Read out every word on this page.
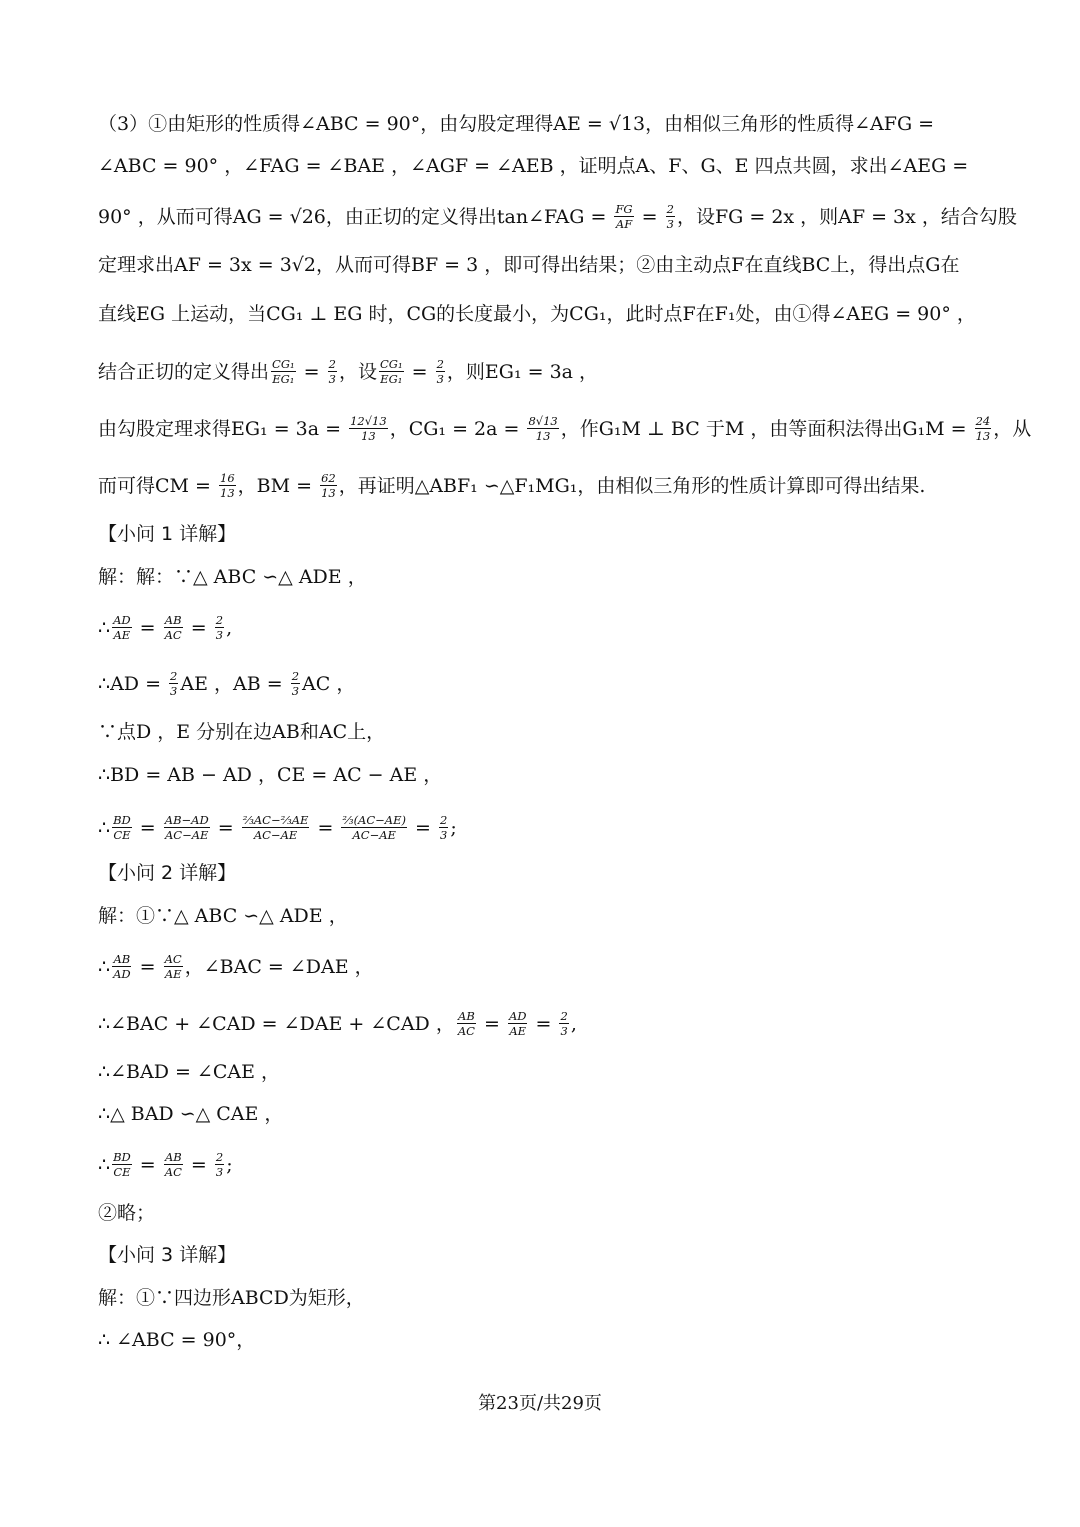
（3）①由矩形的性质得∠ABC = 90°，由勾股定理得AE = √13，由相似三角形的性质得∠AFG =
∠ABC = 90° ，∠FAG = ∠BAE ，∠AGF = ∠AEB ，证明点A、F、G、E 四点共圆，求出∠AEG =
90° ，从而可得AG = √26，由正切的定义得出tan∠FAG = $\frac{FG}{AF} = \frac{2}{3}$ ，设FG = 2x ，则AF = 3x ，结合勾股
定理求出AF = 3x = 3√2，从而可得BF = 3 ，即可得出结果；②由主动点F在直线BC上，得出点G在
直线EG 上运动，当CG₁ ⊥ EG 时，CG的长度最小，为CG₁，此时点F在F₁处，由①得∠AEG = 90° ，
结合正切的定义得出 $\frac{\text{CG₁}}{\text{EG₁}} = \frac{2}{3}$ ，设 $\frac{\text{CG₁}}{\text{EG₁}} = \frac{2}{3}$ ，则EG₁ = 3a ，
由勾股定理求得$EG_1 = 3a = \frac{12√13}{13}$ ，$CG_1 = 2a = \frac{8√13}{13}$ ，作G₁M ⊥ BC 于M ，由等面积法得出$G_1M = \frac{24}{13}$ ，从
而可得CM = $\frac{16}{13}$ ，BM = $\frac{62}{13}$ ，再证明△ABF₁ ∽△F₁MG₁，由相似三角形的性质计算即可得出结果.
【小问 1 详解】
解：解：∵△ ABC ∽△ ADE ，
∴ $\frac{AD}{AE} = \frac{AB}{AC} = \frac{2}{3}$ ,
∴AD = $\frac{2}{3}$ AE ，AB = $\frac{2}{3}$ AC ，
∵点D ，E 分别在边AB和AC上，
∴BD = AB − AD ，CE = AC − AE ，
∴ $\frac{BD}{CE} = \frac{AB-AD}{AC-AE} = \frac{\text{⅔AC−⅔AE}}{AC-AE} = \frac{\text{⅔(AC−AE)}}{AC-AE} = \frac{2}{3}$ ;
【小问 2 详解】
解：①∵△ ABC ∽△ ADE ，
∴ $\frac{AB}{AD} = \frac{AC}{AE}$ ，∠BAC = ∠DAE ，
∴∠BAC + ∠CAD = ∠DAE + ∠CAD ， $\frac{AB}{AC} = \frac{AD}{AE} = \frac{2}{3}$ ,
∴∠BAD = ∠CAE ，
∴△ BAD ∽△ CAE ，
∴ $\frac{BD}{CE} = \frac{AB}{AC} = \frac{2}{3}$ ;
②略；
【小问 3 详解】
解：①∵四边形ABCD为矩形，
∴ ∠ABC = 90°，
第23页/共29页
